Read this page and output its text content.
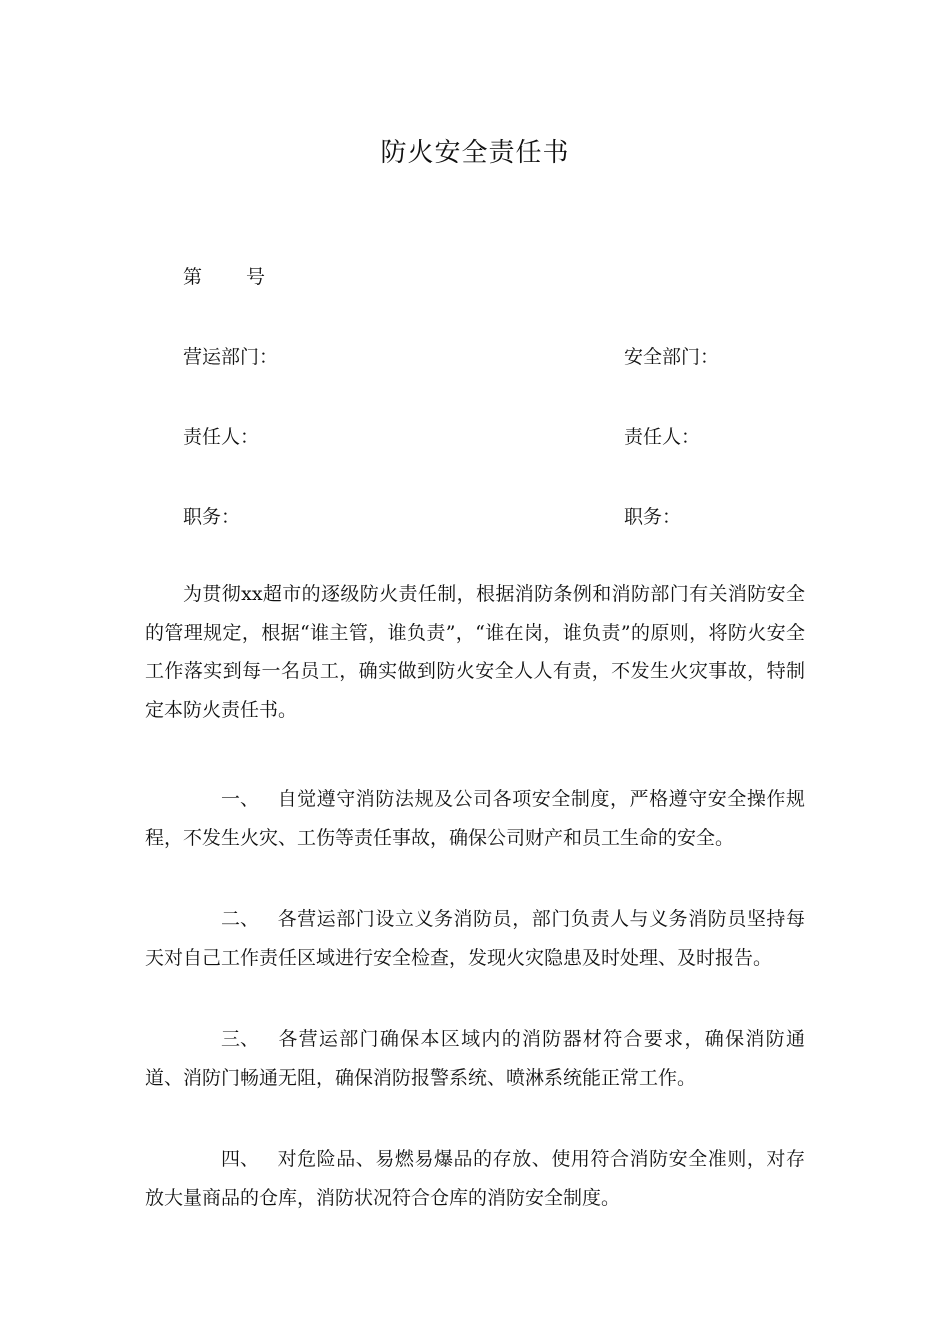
防火安全责任书
第 号
营运部门：	安全部门：
责任人：	责任人：
职务：	职务：

为贯彻xx超市的逐级防火责任制，根据消防条例和消防部门有关消防安全的管理规定，根据“谁主管，谁负责”，“谁在岗，谁负责”的原则，将防火安全工作落实到每一名员工，确实做到防火安全人人有责，不发生火灾事故，特制定本防火责任书。

一、 自觉遵守消防法规及公司各项安全制度，严格遵守安全操作规程，不发生火灾、工伤等责任事故，确保公司财产和员工生命的安全。

二、 各营运部门设立义务消防员，部门负责人与义务消防员坚持每天对自己工作责任区域进行安全检查，发现火灾隐患及时处理、及时报告。

三、 各营运部门确保本区域内的消防器材符合要求，确保消防通道、消防门畅通无阻，确保消防报警系统、喷淋系统能正常工作。

四、 对危险品、易燃易爆品的存放、使用符合消防安全准则，对存放大量商品的仓库，消防状况符合仓库的消防安全制度。
